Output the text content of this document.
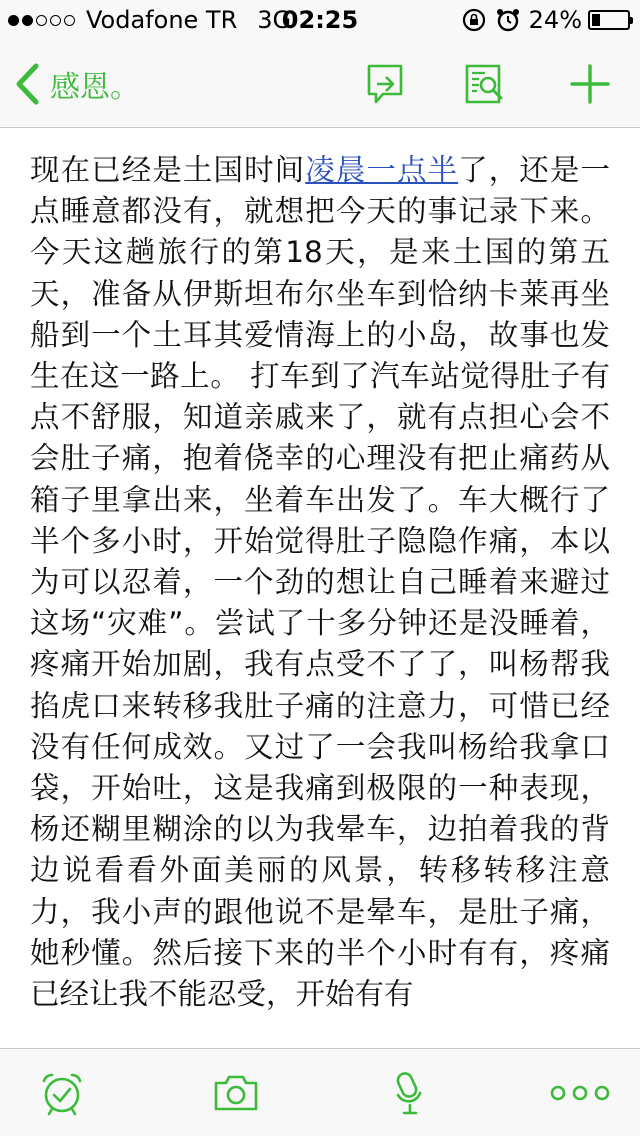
Vodafone TR 3G
02:25	24%
感恩。
现在已经是土国时间凌晨一点半了，还是一点睡意都没有，就想把今天的事记录下来。 今天这趟旅行的第18天，是来土国的第五天，准备从伊斯坦布尔坐车到恰纳卡莱再坐船到一个土耳其爱情海上的小岛，故事也发生在这一路上。 打车到了汽车站觉得肚子有点不舒服，知道亲戚来了，就有点担心会不会肚子痛，抱着侥幸的心理没有把止痛药从箱子里拿出来，坐着车出发了。车大概行了半个多小时，开始觉得肚子隐隐作痛，本以为可以忍着，一个劲的想让自己睡着来避过这场“灾难”。尝试了十多分钟还是没睡着，疼痛开始加剧，我有点受不了了，叫杨帮我掐虎口来转移我肚子痛的注意力，可惜已经没有任何成效。又过了一会我叫杨给我拿口袋，开始吐，这是我痛到极限的一种表现，杨还糊里糊涂的以为我晕车，边拍着我的背边说看看外面美丽的风景，转移转移注意力，我小声的跟他说不是晕车，是肚子痛，她秒懂。然后接下来的半个小时有有，疼痛已经让我不能忍受，开始有有
